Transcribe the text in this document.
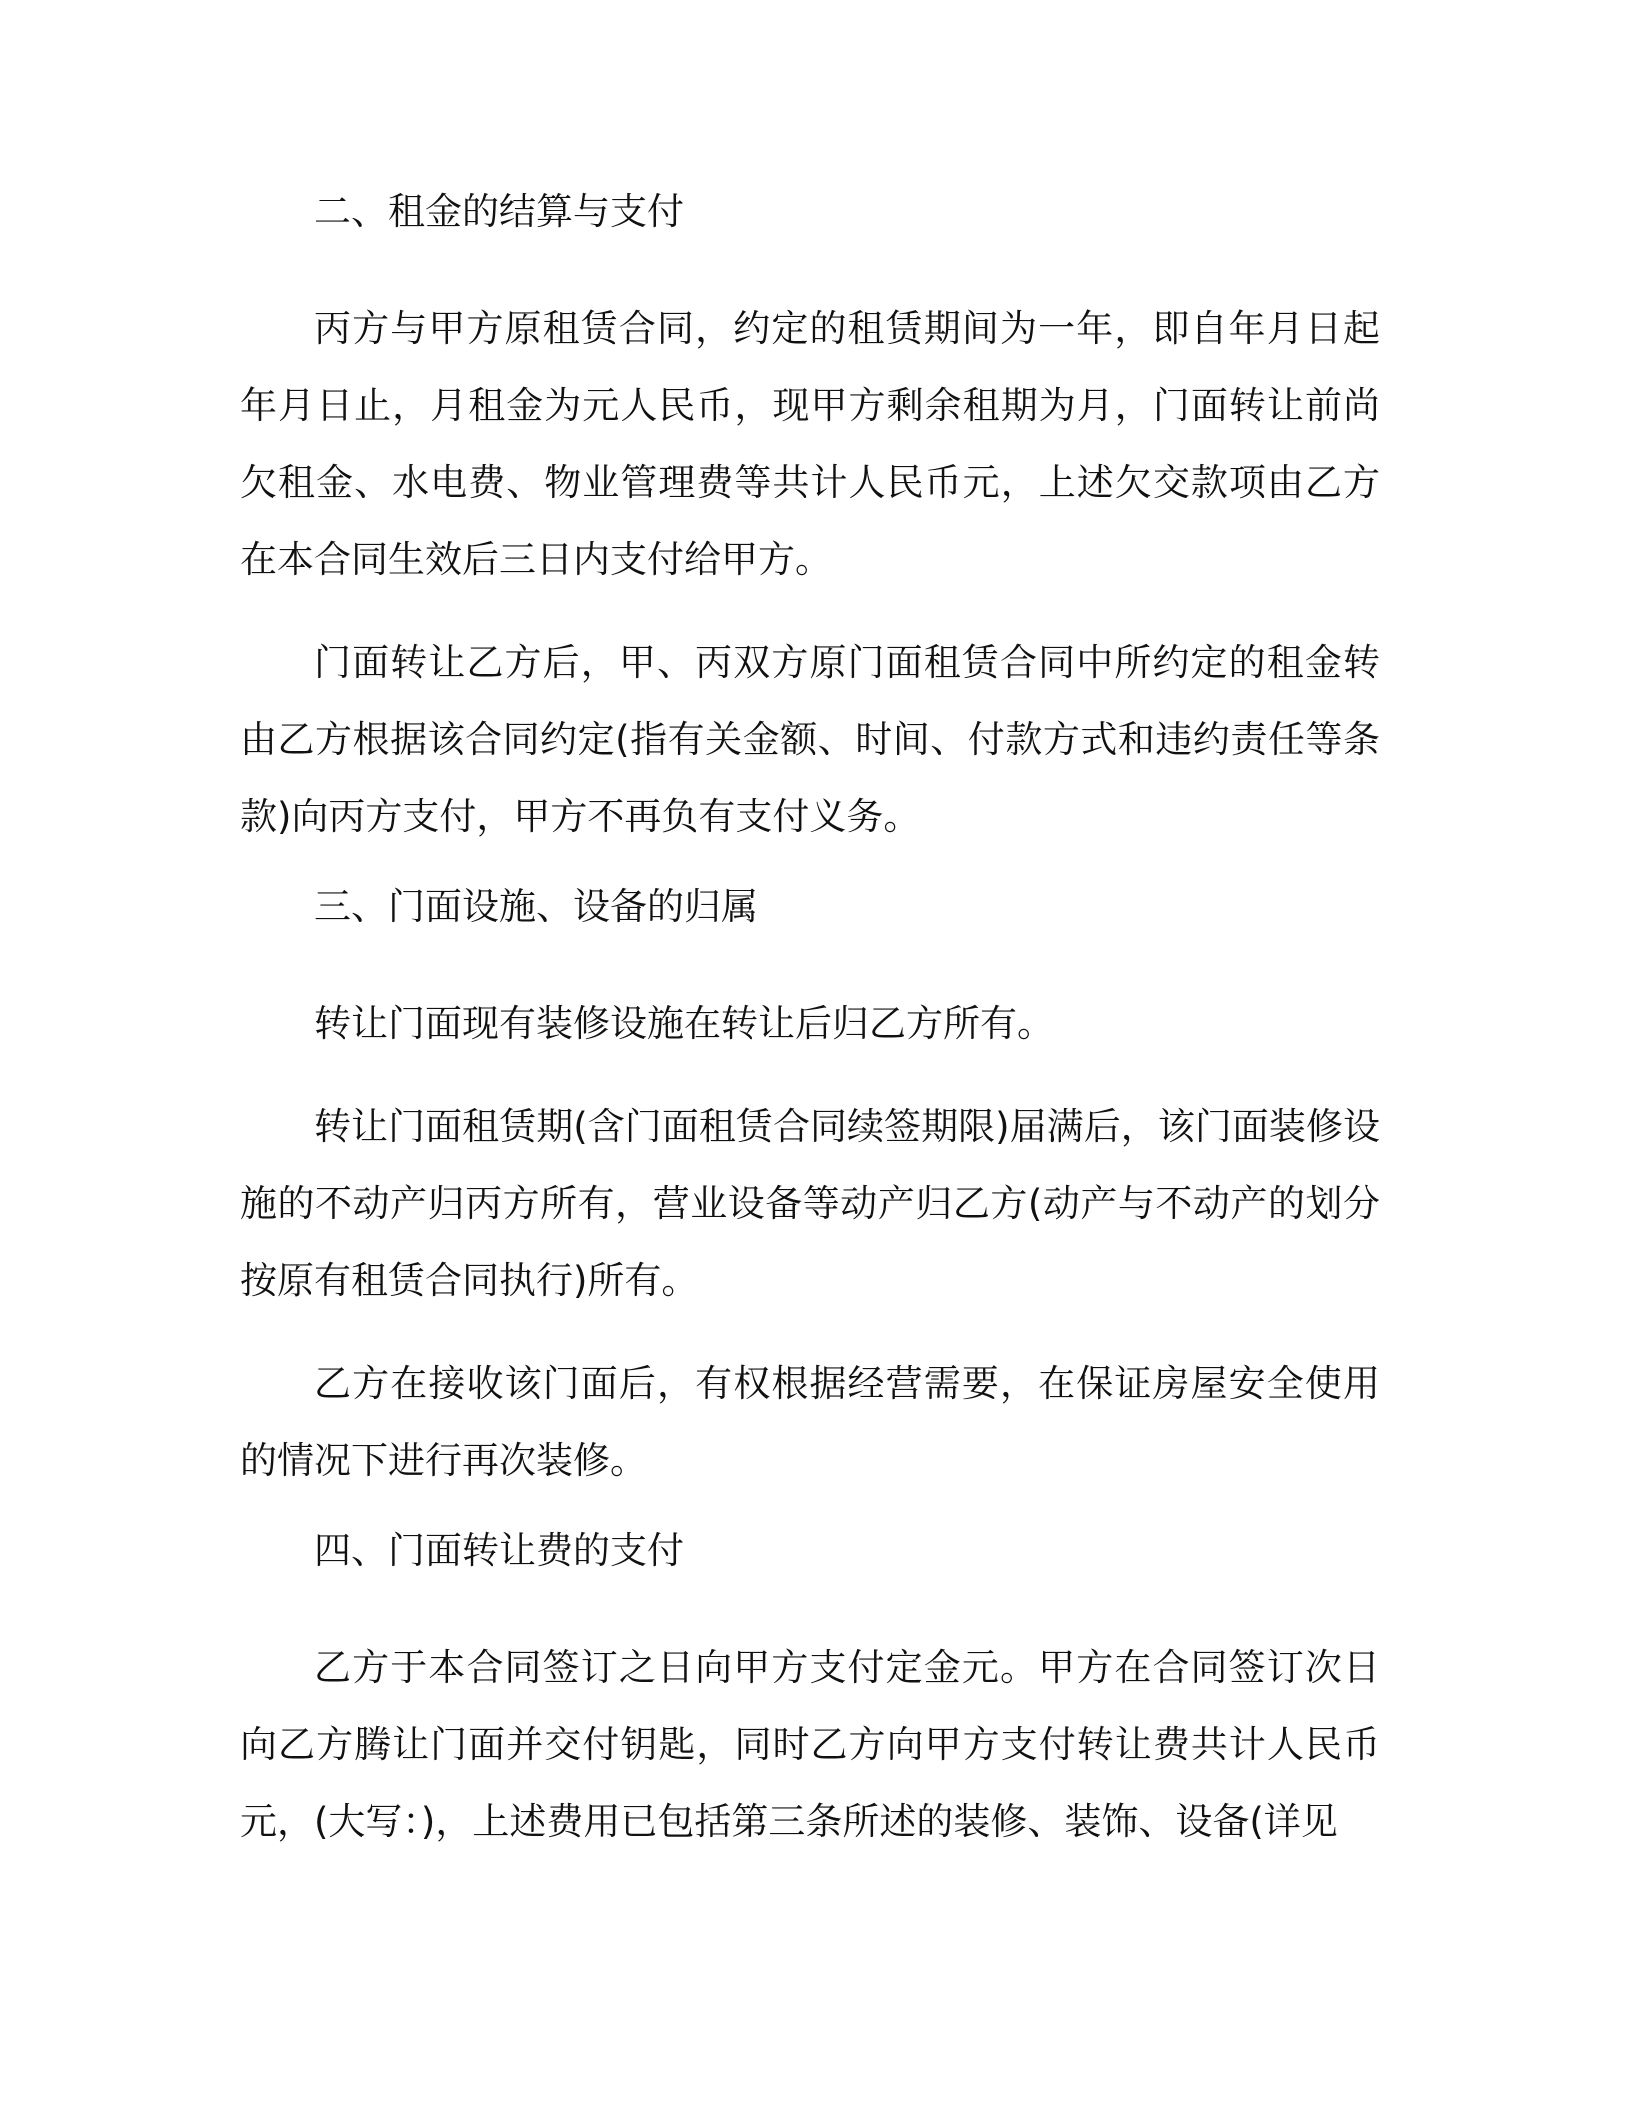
二、租金的结算与支付

丙方与甲方原租赁合同，约定的租赁期间为一年，即自年月日起年月日止，月租金为元人民币，现甲方剩余租期为月，门面转让前尚欠租金、水电费、物业管理费等共计人民币元，上述欠交款项由乙方在本合同生效后三日内支付给甲方。

门面转让乙方后，甲、丙双方原门面租赁合同中所约定的租金转由乙方根据该合同约定(指有关金额、时间、付款方式和违约责任等条款)向丙方支付，甲方不再负有支付义务。

三、门面设施、设备的归属

转让门面现有装修设施在转让后归乙方所有。

转让门面租赁期(含门面租赁合同续签期限)届满后，该门面装修设施的不动产归丙方所有，营业设备等动产归乙方(动产与不动产的划分按原有租赁合同执行)所有。

乙方在接收该门面后，有权根据经营需要，在保证房屋安全使用的情况下进行再次装修。

四、门面转让费的支付

乙方于本合同签订之日向甲方支付定金元。甲方在合同签订次日向乙方腾让门面并交付钥匙，同时乙方向甲方支付转让费共计人民币元，(大写：)，上述费用已包括第三条所述的装修、装饰、设备(详见
